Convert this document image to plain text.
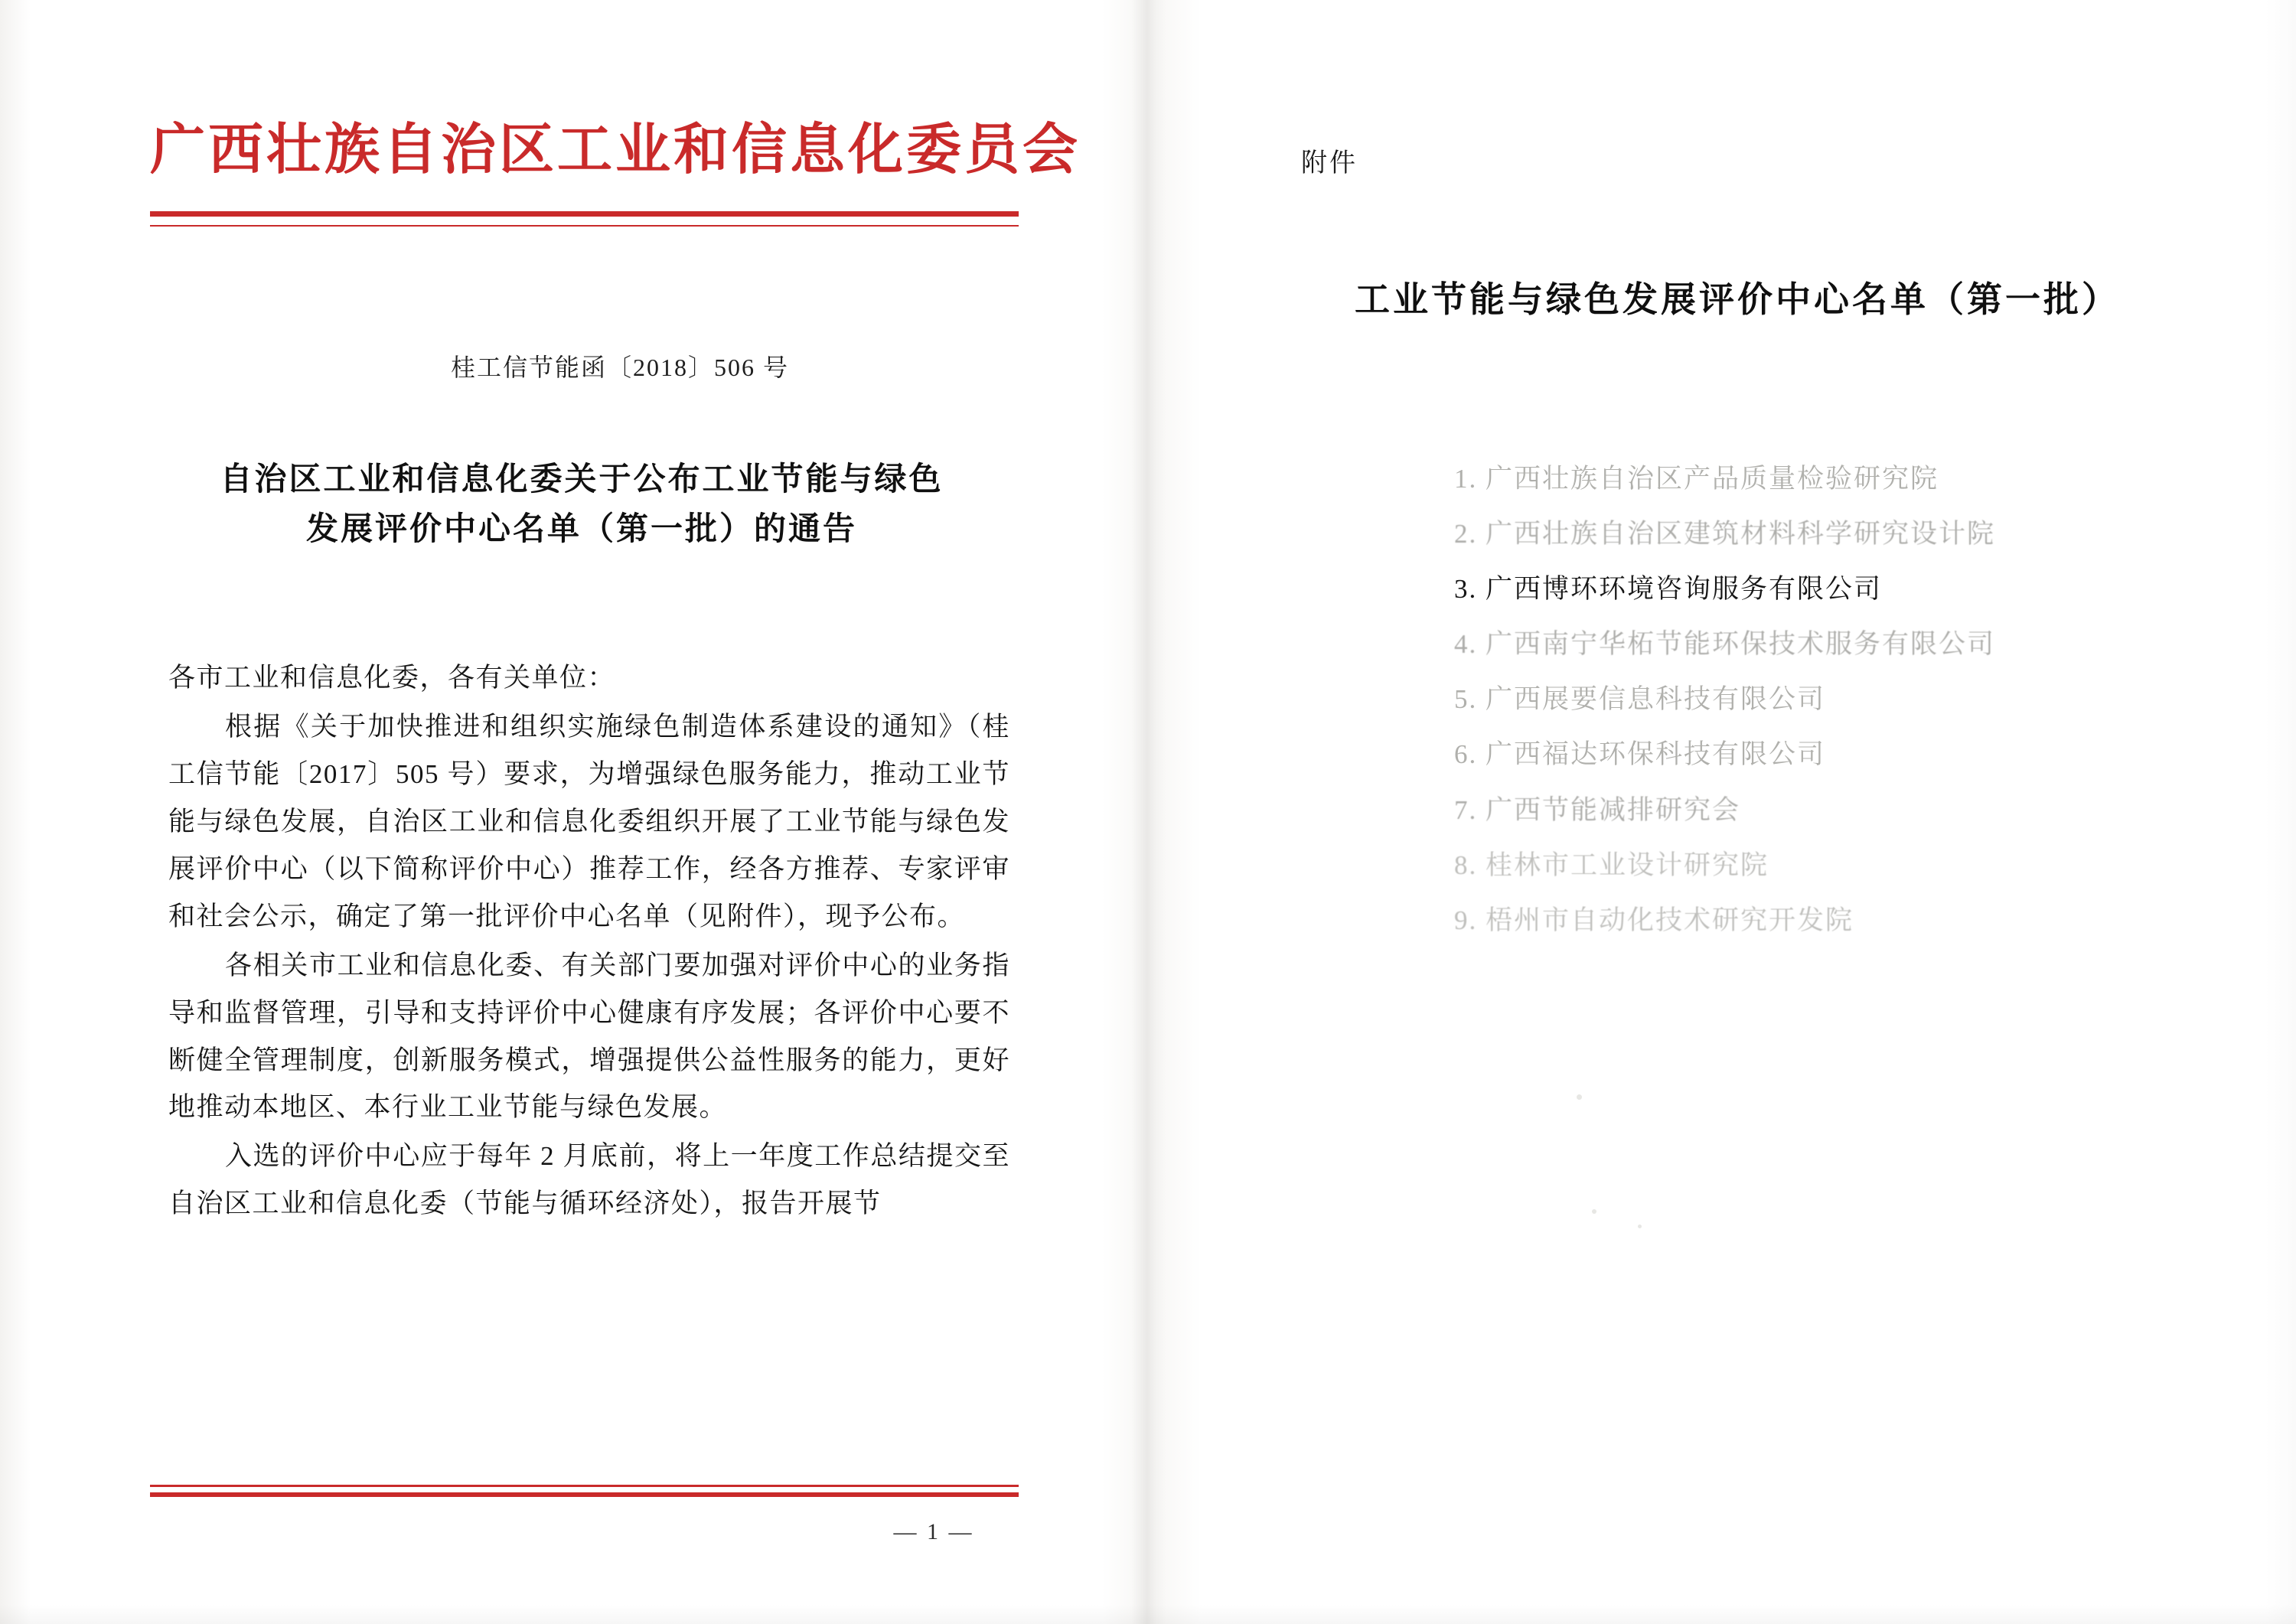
广西壮族自治区工业和信息化委员会
桂工信节能函〔2018〕506 号
自治区工业和信息化委关于公布工业节能与绿色
发展评价中心名单（第一批）的通告

各市工业和信息化委，各有关单位：

根据《关于加快推进和组织实施绿色制造体系建设的通知》（桂工信节能〔2017〕505 号）要求，为增强绿色服务能力，推动工业节能与绿色发展，自治区工业和信息化委组织开展了工业节能与绿色发展评价中心（以下简称评价中心）推荐工作，经各方推荐、专家评审和社会公示，确定了第一批评价中心名单（见附件），现予公布。

各相关市工业和信息化委、有关部门要加强对评价中心的业务指导和监督管理，引导和支持评价中心健康有序发展；各评价中心要不断健全管理制度，创新服务模式，增强提供公益性服务的能力，更好地推动本地区、本行业工业节能与绿色发展。

入选的评价中心应于每年 2 月底前，将上一年度工作总结提交至自治区工业和信息化委（节能与循环经济处），报告开展节

— 1 —
附件
工业节能与绿色发展评价中心名单（第一批）
1. 广西壮族自治区产品质量检验研究院
2. 广西壮族自治区建筑材料科学研究设计院
3. 广西博环环境咨询服务有限公司
4. 广西南宁华柘节能环保技术服务有限公司
5. 广西展要信息科技有限公司
6. 广西福达环保科技有限公司
7. 广西节能减排研究会
8. 桂林市工业设计研究院
9. 梧州市自动化技术研究开发院
